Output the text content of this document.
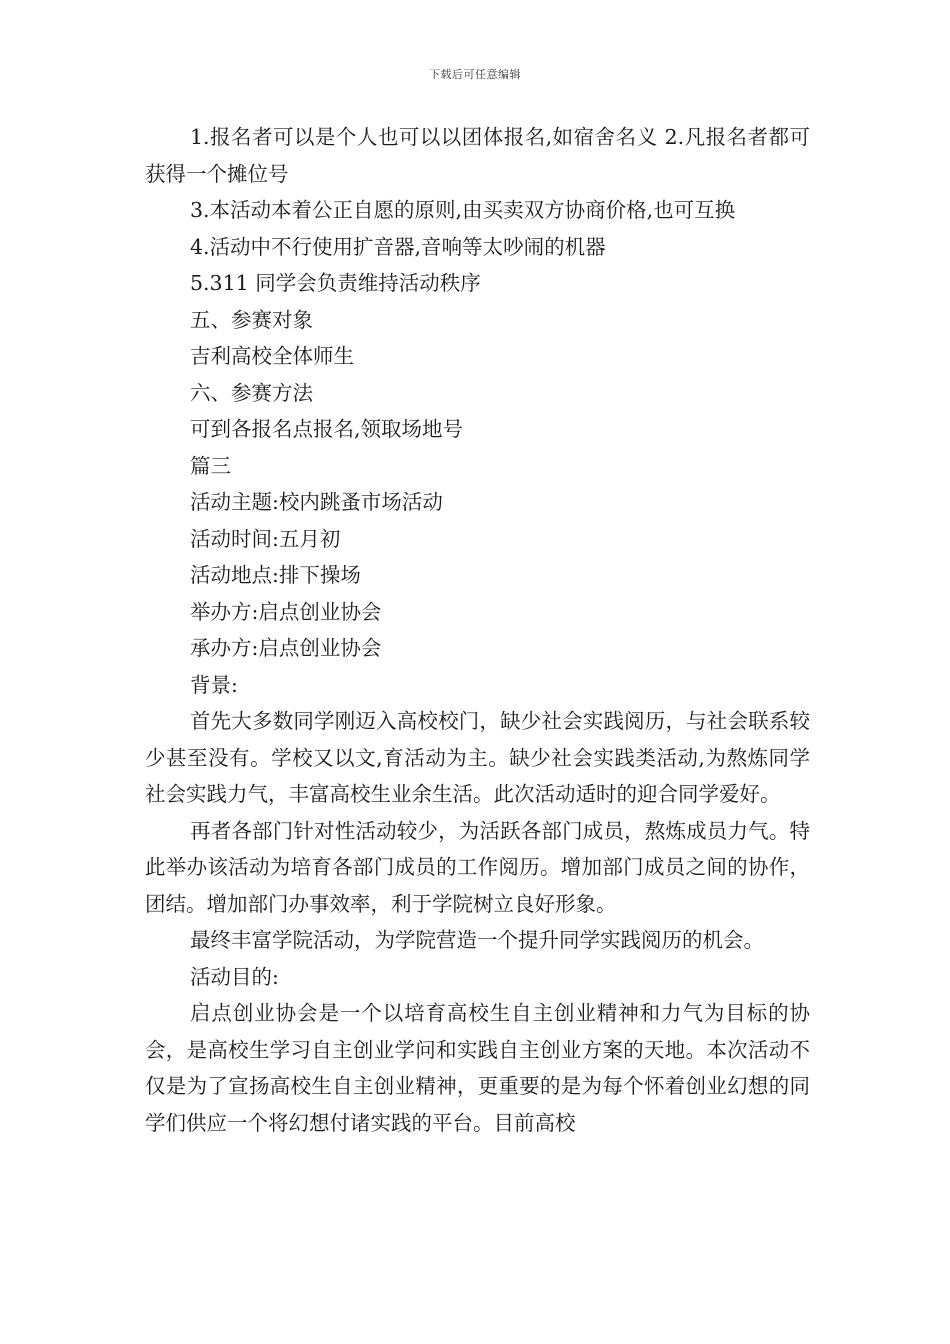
下载后可任意编辑

1.报名者可以是个人也可以以团体报名,如宿舍名义 2.凡报名者都可获得一个摊位号

3.本活动本着公正自愿的原则,由买卖双方协商价格,也可互换

4.活动中不行使用扩音器,音响等太吵闹的机器

5.311 同学会负责维持活动秩序

五、参赛对象

吉利高校全体师生

六、参赛方法

可到各报名点报名,领取场地号

篇三

活动主题:校内跳蚤市场活动

活动时间:五月初

活动地点:排下操场

举办方:启点创业协会

承办方:启点创业协会

背景:

首先大多数同学刚迈入高校校门，缺少社会实践阅历，与社会联系较少甚至没有。学校又以文,育活动为主。缺少社会实践类活动,为熬炼同学社会实践力气，丰富高校生业余生活。此次活动适时的迎合同学爱好。

再者各部门针对性活动较少，为活跃各部门成员，熬炼成员力气。特此举办该活动为培育各部门成员的工作阅历。增加部门成员之间的协作，团结。增加部门办事效率，利于学院树立良好形象。

最终丰富学院活动，为学院营造一个提升同学实践阅历的机会。

活动目的:

启点创业协会是一个以培育高校生自主创业精神和力气为目标的协会，是高校生学习自主创业学问和实践自主创业方案的天地。本次活动不仅是为了宣扬高校生自主创业精神，更重要的是为每个怀着创业幻想的同学们供应一个将幻想付诸实践的平台。目前高校
